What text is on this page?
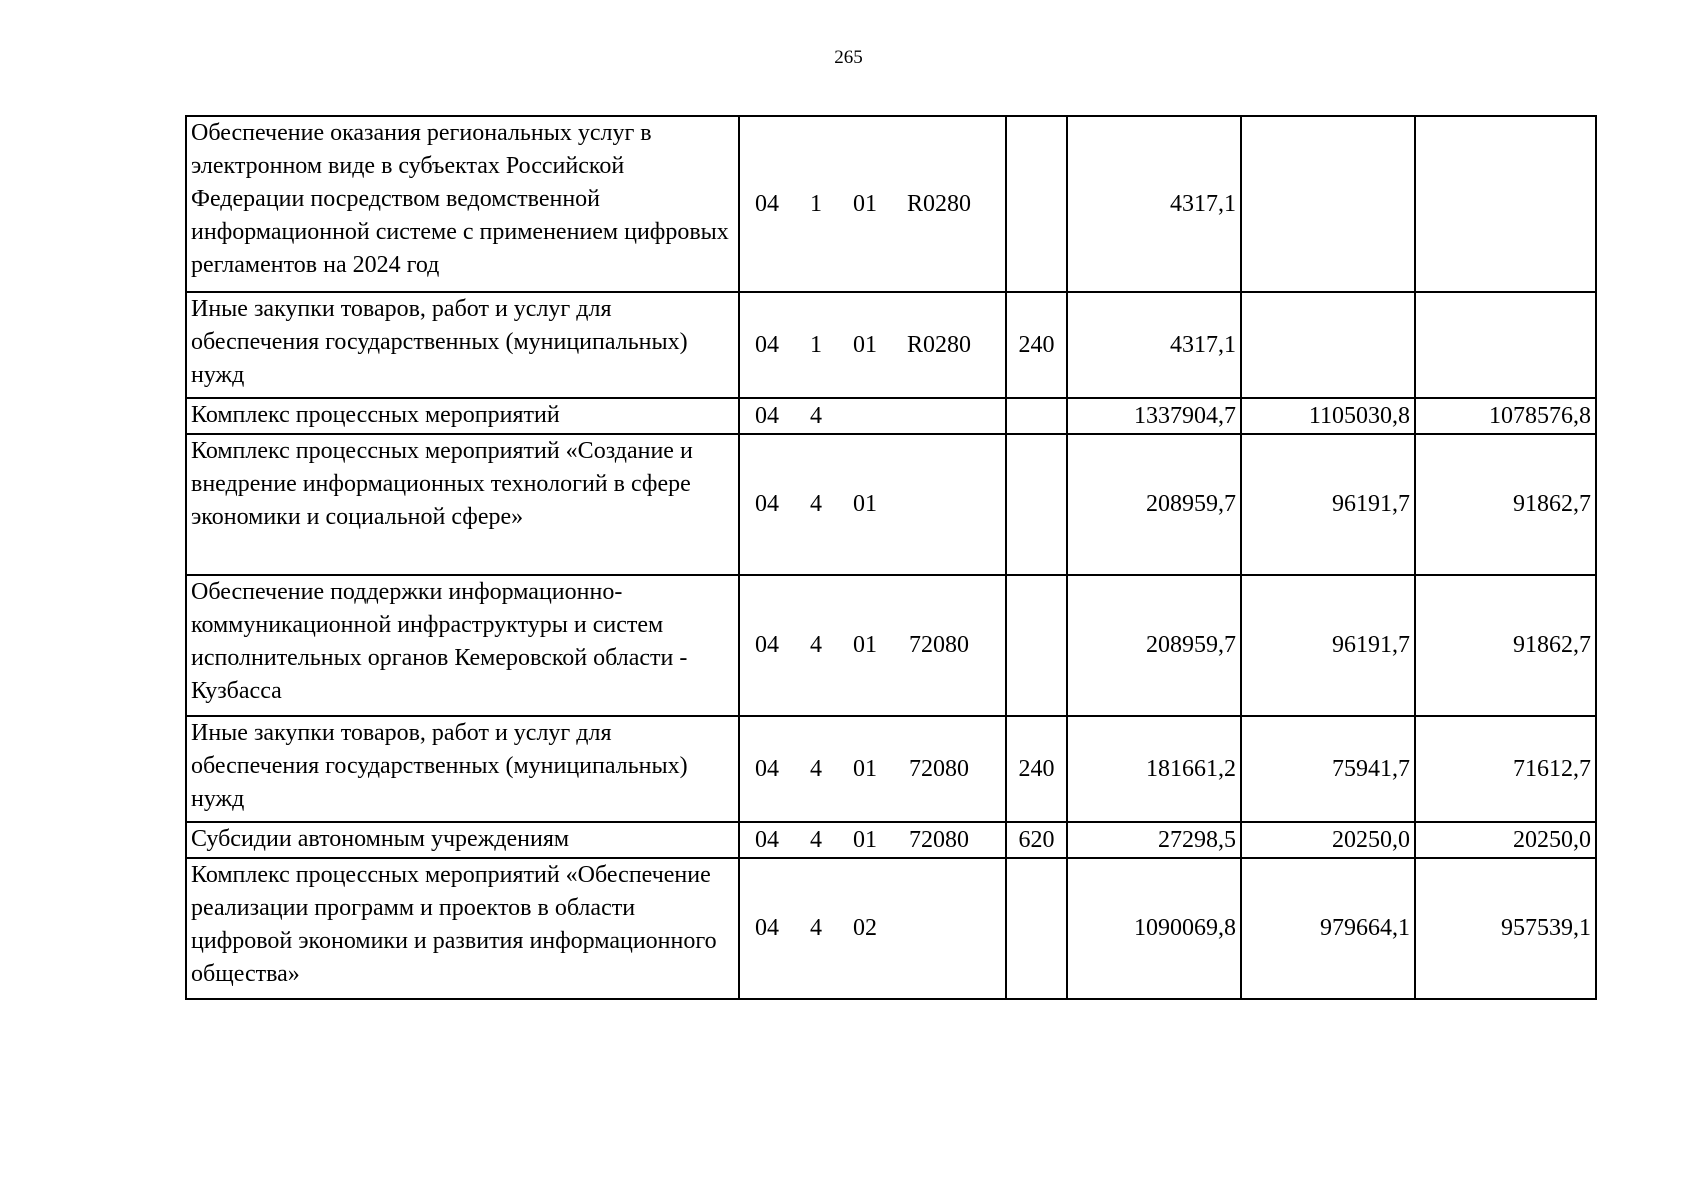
265
Обеспечение оказания региональных услуг в электронном виде в субъектах Российской Федерации посредством ведомственной информационной системе с применением цифровых регламентов на 2024 год	04 1 01 R0280		4317,1		
Иные закупки товаров, работ и услуг для обеспечения государственных (муниципальных) нужд	04 1 01 R0280	240	4317,1		
Комплекс процессных мероприятий	04 4		1337904,7	1105030,8	1078576,8
Комплекс процессных мероприятий «Создание и внедрение информационных технологий в сфере экономики и социальной сфере»	04 4 01		208959,7	96191,7	91862,7
Обеспечение поддержки информационно-коммуникационной инфраструктуры и систем исполнительных органов Кемеровской области - Кузбасса	04 4 01 72080		208959,7	96191,7	91862,7
Иные закупки товаров, работ и услуг для обеспечения государственных (муниципальных) нужд	04 4 01 72080	240	181661,2	75941,7	71612,7
Субсидии автономным учреждениям	04 4 01 72080	620	27298,5	20250,0	20250,0
Комплекс процессных мероприятий «Обеспечение реализации программ и проектов в области цифровой экономики и развития информационного общества»	04 4 02		1090069,8	979664,1	957539,1
